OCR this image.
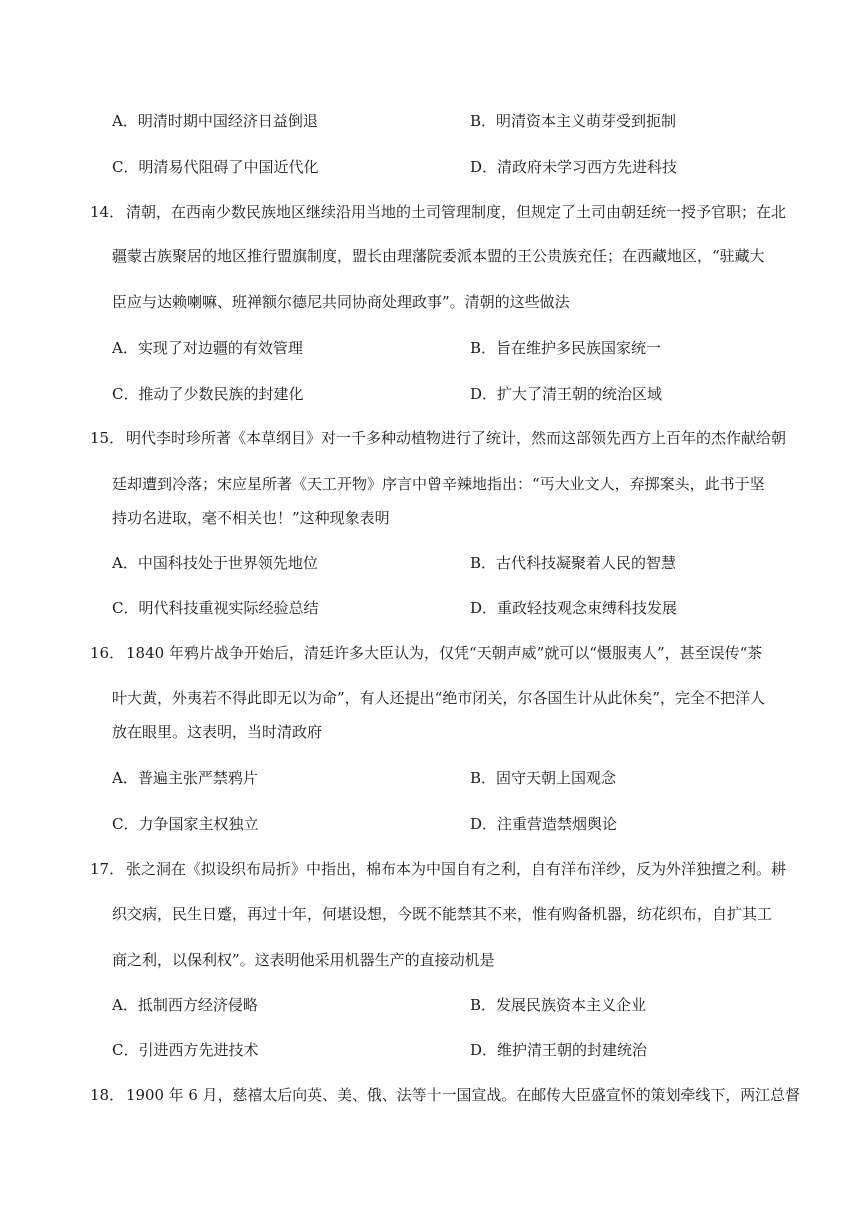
A．明清时期中国经济日益倒退	B．明清资本主义萌芽受到扼制
C．明清易代阻碍了中国近代化	D．清政府未学习西方先进科技
14． 清朝，在西南少数民族地区继续沿用当地的土司管理制度，但规定了土司由朝廷统一授予官职；在北
疆蒙古族聚居的地区推行盟旗制度，盟长由理藩院委派本盟的王公贵族充任；在西藏地区，“驻藏大
臣应与达赖喇嘛、班禅额尔德尼共同协商处理政事”。清朝的这些做法
A．实现了对边疆的有效管理	B．旨在维护多民族国家统一
C．推动了少数民族的封建化	D．扩大了清王朝的统治区域
15． 明代李时珍所著《本草纲目》对一千多种动植物进行了统计，然而这部领先西方上百年的杰作献给朝
廷却遭到冷落；宋应星所著《天工开物》序言中曾辛辣地指出：“丐大业文人，弃掷案头，此书于坚
持功名进取，毫不相关也！”这种现象表明
A．中国科技处于世界领先地位	B．古代科技凝聚着人民的智慧
C．明代科技重视实际经验总结	D．重政轻技观念束缚科技发展
16． 1840 年鸦片战争开始后，清廷许多大臣认为，仅凭“天朝声威”就可以“慑服夷人”，甚至误传“茶
叶大黄，外夷若不得此即无以为命”，有人还提出“绝市闭关，尔各国生计从此休矣”，完全不把洋人
放在眼里。这表明，当时清政府
A．普遍主张严禁鸦片	B．固守天朝上国观念
C．力争国家主权独立	D．注重营造禁烟舆论
17． 张之洞在《拟设织布局折》中指出，棉布本为中国自有之利，自有洋布洋纱，反为外洋独擅之利。耕
织交病，民生日蹙，再过十年，何堪设想，今既不能禁其不来，惟有购备机器，纺花织布，自扩其工
商之利，以保利权”。这表明他采用机器生产的直接动机是
A．抵制西方经济侵略	B．发展民族资本主义企业
C．引进西方先进技术	D．维护清王朝的封建统治
18． 1900 年 6 月，慈禧太后向英、美、俄、法等十一国宣战。在邮传大臣盛宣怀的策划牵线下，两江总督
